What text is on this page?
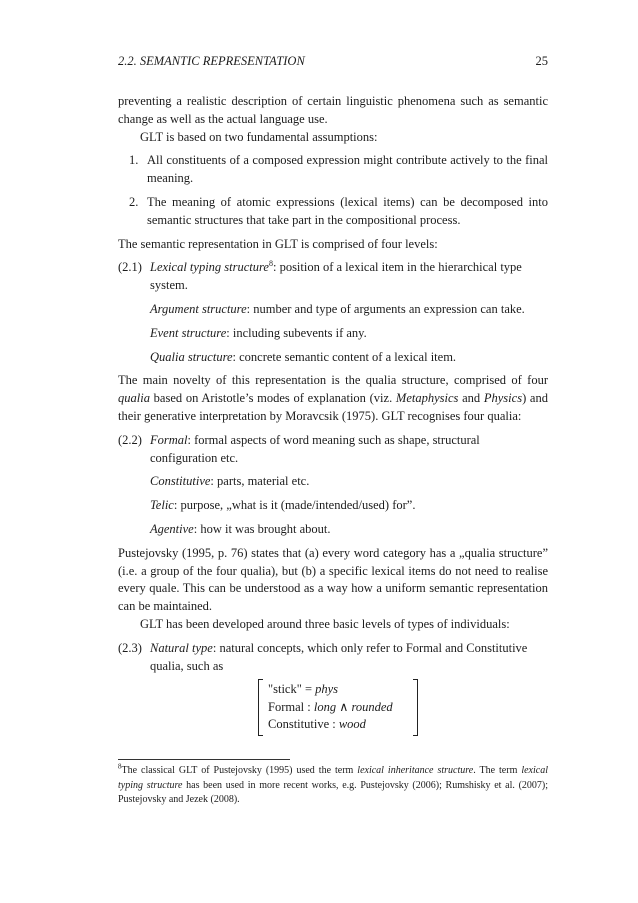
2.2. SEMANTIC REPRESENTATION	25

preventing a realistic description of certain linguistic phenomena such as semantic change as well as the actual language use.

GLT is based on two fundamental assumptions:

1. All constituents of a composed expression might contribute actively to the final meaning.
2. The meaning of atomic expressions (lexical items) can be decomposed into semantic structures that take part in the compositional process.

The semantic representation in GLT is comprised of four levels:

(2.1) Lexical typing structure$^8$: position of a lexical item in the hierarchical type system.
Argument structure: number and type of arguments an expression can take.
Event structure: including subevents if any.
Qualia structure: concrete semantic content of a lexical item.

The main novelty of this representation is the qualia structure, comprised of four qualia based on Aristotle’s modes of explanation (viz. Metaphysics and Physics) and their generative interpretation by Moravcsik (1975). GLT recognises four qualia:

(2.2) Formal: formal aspects of word meaning such as shape, structural configuration etc.
Constitutive: parts, material etc.
Telic: purpose, „what is it (made/intended/used) for”.
Agentive: how it was brought about.

Pustejovsky (1995, p. 76) states that (a) every word category has a „qualia structure” (i.e. a group of the four qualia), but (b) a specific lexical items do not need to realise every quale. This can be understood as a way how a uniform semantic representation can be maintained.

GLT has been developed around three basic levels of types of individuals:

(2.3) Natural type: natural concepts, which only refer to Formal and Constitutive qualia, such as
"stick" = phys
Formal : long ∧ rounded
Constitutive : wood
$^8$The classical GLT of Pustejovsky (1995) used the term lexical inheritance structure. The term lexical typing structure has been used in more recent works, e.g. Pustejovsky (2006); Rumshisky et al. (2007); Pustejovsky and Jezek (2008).
